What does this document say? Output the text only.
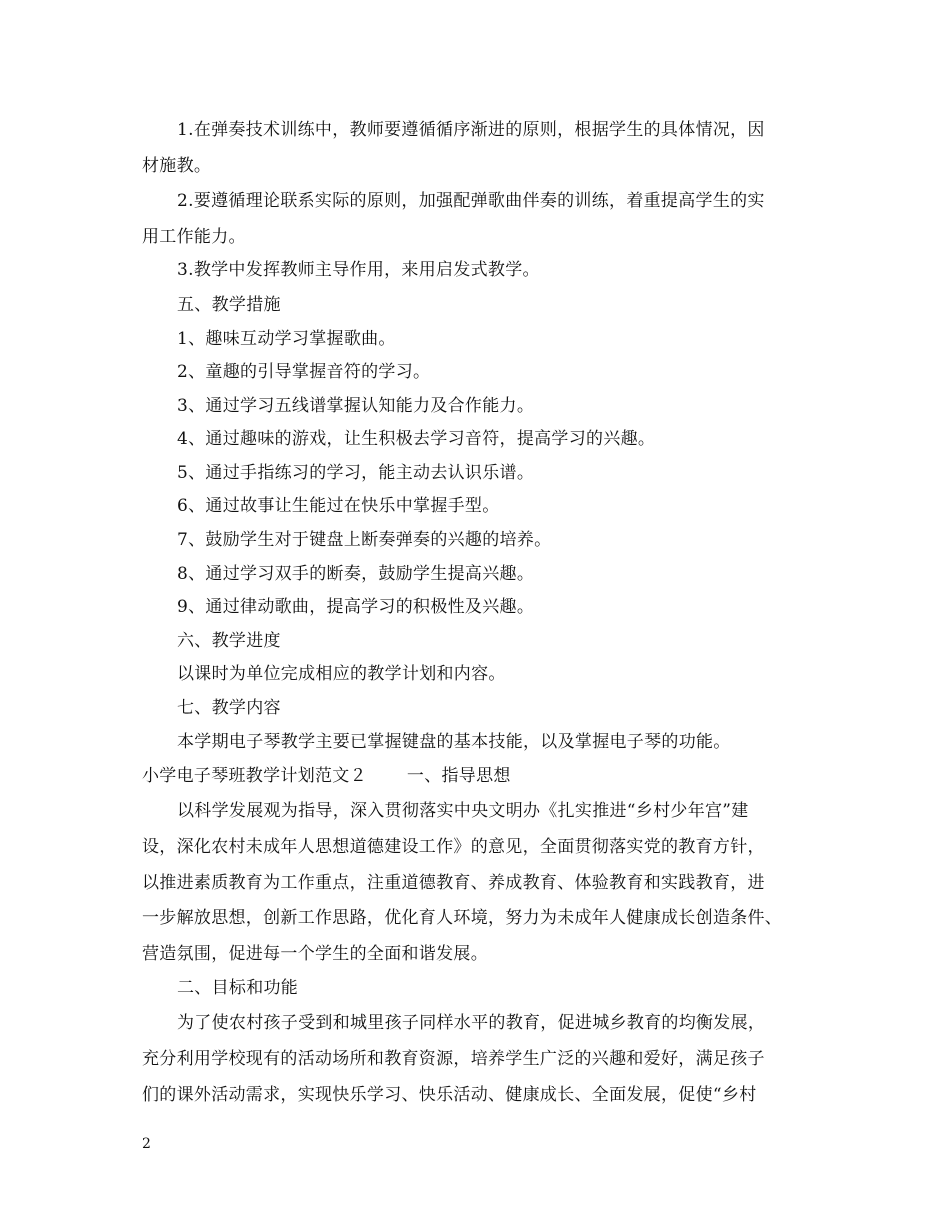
1.在弹奏技术训练中，教师要遵循循序渐进的原则，根据学生的具体情况，因
材施教。
2.要遵循理论联系实际的原则，加强配弹歌曲伴奏的训练，着重提高学生的实
用工作能力。
3.教学中发挥教师主导作用，来用启发式教学。
五、教学措施
1、趣味互动学习掌握歌曲。
2、童趣的引导掌握音符的学习。
3、通过学习五线谱掌握认知能力及合作能力。
4、通过趣味的游戏，让生积极去学习音符，提高学习的兴趣。
5、通过手指练习的学习，能主动去认识乐谱。
6、通过故事让生能过在快乐中掌握手型。
7、鼓励学生对于键盘上断奏弹奏的兴趣的培养。
8、通过学习双手的断奏，鼓励学生提高兴趣。
9、通过律动歌曲，提高学习的积极性及兴趣。
六、教学进度
以课时为单位完成相应的教学计划和内容。
七、教学内容
本学期电子琴教学主要已掌握键盘的基本技能，以及掌握电子琴的功能。
小学电子琴班教学计划范文２ 一、指导思想
以科学发展观为指导，深入贯彻落实中央文明办《扎实推进“乡村少年宫”建
设，深化农村未成年人思想道德建设工作》的意见，全面贯彻落实党的教育方针，
以推进素质教育为工作重点，注重道德教育、养成教育、体验教育和实践教育，进
一步解放思想，创新工作思路，优化育人环境，努力为未成年人健康成长创造条件、
营造氛围，促进每一个学生的全面和谐发展。
二、目标和功能
为了使农村孩子受到和城里孩子同样水平的教育，促进城乡教育的均衡发展，
充分利用学校现有的活动场所和教育资源，培养学生广泛的兴趣和爱好，满足孩子
们的课外活动需求，实现快乐学习、快乐活动、健康成长、全面发展，促使“乡村
2
